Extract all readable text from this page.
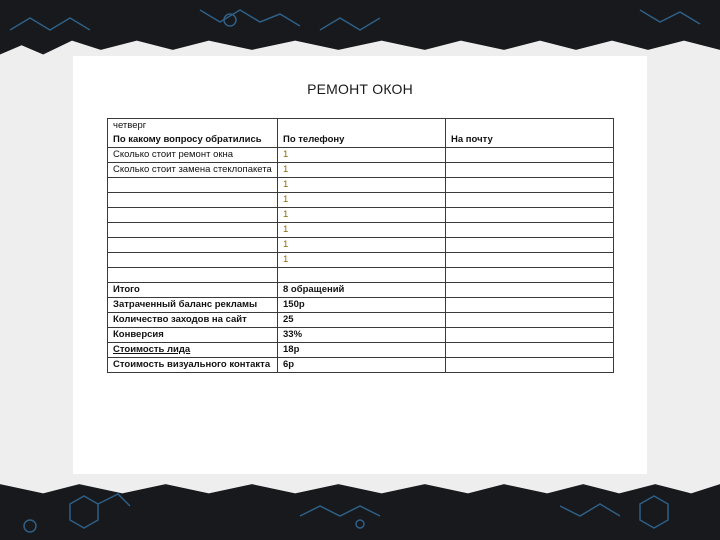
РЕМОНТ ОКОН
четверг
По какому вопросу обратились	По телефону	На почту

Сколько стоит ремонт окна	1	
Сколько стоит замена стеклопакета	1	
	1	
	1	
	1	
	1	
	1	
	1	

Итого	8 обращений	
Затраченный баланс рекламы	150р	
Количество заходов на сайт	25	
Конверсия	33%	
Стоимость лида	18р	
Стоимость визуального контакта	6р	
